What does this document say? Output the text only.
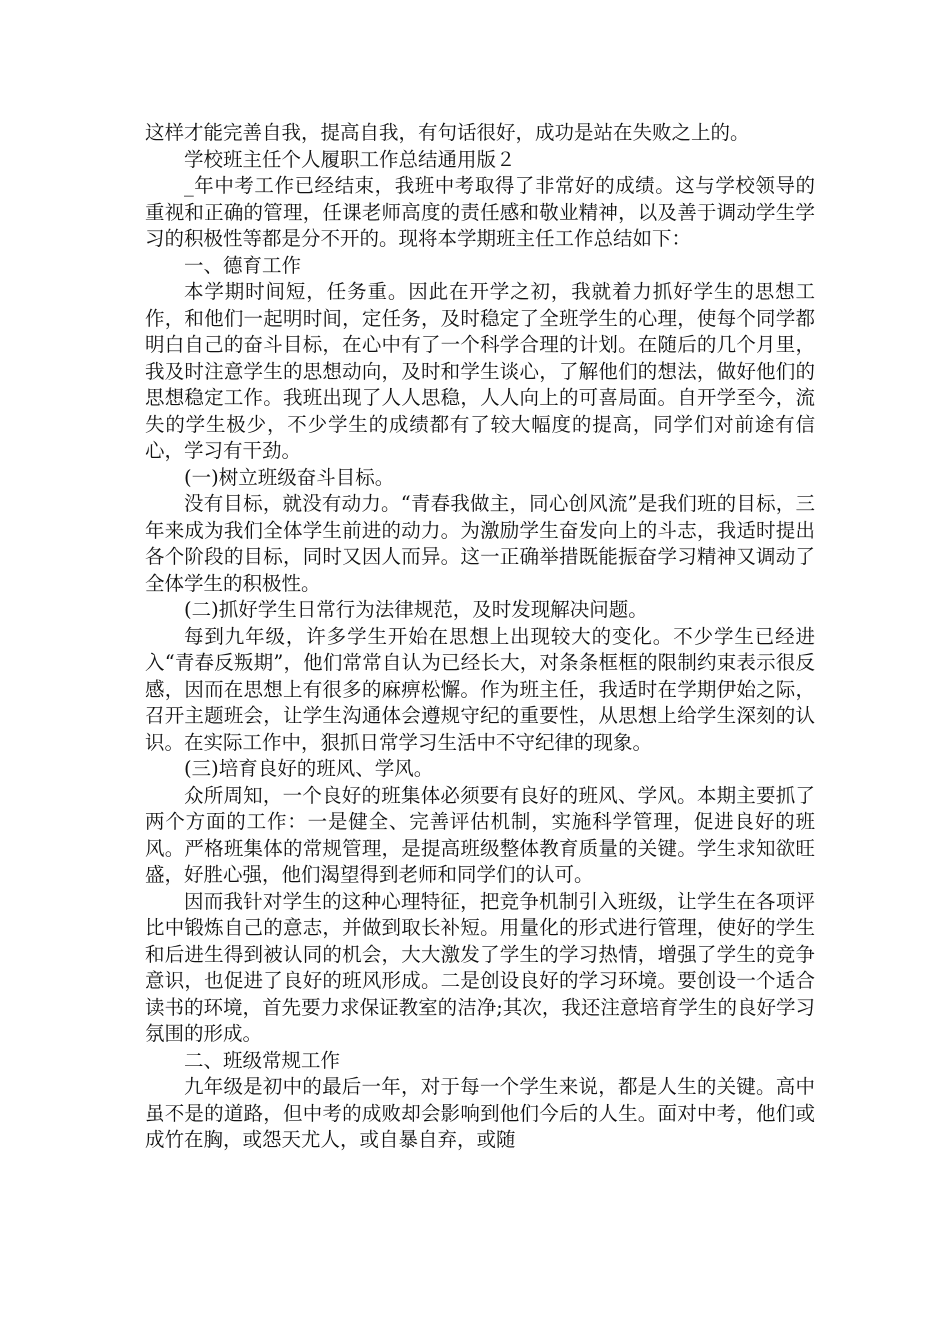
这样才能完善自我，提高自我，有句话很好，成功是站在失败之上的。

学校班主任个人履职工作总结通用版２

_年中考工作已经结束，我班中考取得了非常好的成绩。这与学校领导的重视和正确的管理，任课老师高度的责任感和敬业精神，以及善于调动学生学习的积极性等都是分不开的。现将本学期班主任工作总结如下：

一、德育工作

本学期时间短，任务重。因此在开学之初，我就着力抓好学生的思想工作，和他们一起明时间，定任务，及时稳定了全班学生的心理，使每个同学都明白自己的奋斗目标，在心中有了一个科学合理的计划。在随后的几个月里，我及时注意学生的思想动向，及时和学生谈心，了解他们的想法，做好他们的思想稳定工作。我班出现了人人思稳，人人向上的可喜局面。自开学至今，流失的学生极少，不少学生的成绩都有了较大幅度的提高，同学们对前途有信心，学习有干劲。

(一)树立班级奋斗目标。

没有目标，就没有动力。“青春我做主，同心创风流”是我们班的目标，三年来成为我们全体学生前进的动力。为激励学生奋发向上的斗志，我适时提出各个阶段的目标，同时又因人而异。这一正确举措既能振奋学习精神又调动了全体学生的积极性。

(二)抓好学生日常行为法律规范，及时发现解决问题。

每到九年级，许多学生开始在思想上出现较大的变化。不少学生已经进入“青春反叛期”，他们常常自认为已经长大，对条条框框的限制约束表示很反感，因而在思想上有很多的麻痹松懈。作为班主任，我适时在学期伊始之际，召开主题班会，让学生沟通体会遵规守纪的重要性，从思想上给学生深刻的认识。在实际工作中，狠抓日常学习生活中不守纪律的现象。

(三)培育良好的班风、学风。

众所周知，一个良好的班集体必须要有良好的班风、学风。本期主要抓了两个方面的工作：一是健全、完善评估机制，实施科学管理，促进良好的班风。严格班集体的常规管理，是提高班级整体教育质量的关键。学生求知欲旺盛，好胜心强，他们渴望得到老师和同学们的认可。

因而我针对学生的这种心理特征，把竞争机制引入班级，让学生在各项评比中锻炼自己的意志，并做到取长补短。用量化的形式进行管理，使好的学生和后进生得到被认同的机会，大大激发了学生的学习热情，增强了学生的竞争意识，也促进了良好的班风形成。二是创设良好的学习环境。要创设一个适合读书的环境，首先要力求保证教室的洁净;其次，我还注意培育学生的良好学习氛围的形成。

二、班级常规工作

九年级是初中的最后一年，对于每一个学生来说，都是人生的关键。高中虽不是的道路，但中考的成败却会影响到他们今后的人生。面对中考，他们或成竹在胸，或怨天尤人，或自暴自弃，或随
